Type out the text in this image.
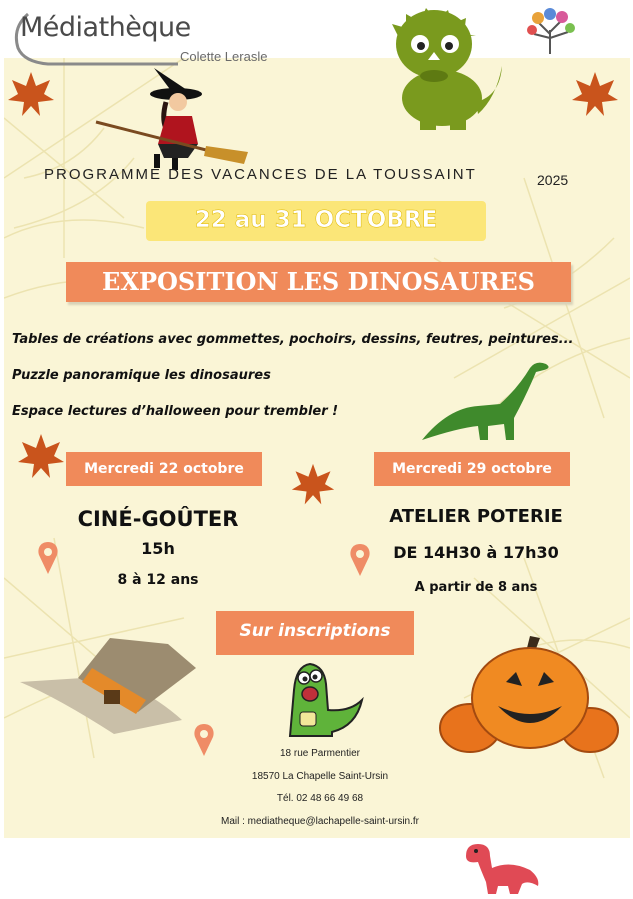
Médiathèque
Colette Lerasle
PROGRAMME DES VACANCES DE LA TOUSSAINT	2025
22 au 31 OCTOBRE
EXPOSITION LES DINOSAURES
Tables de créations avec gommettes, pochoirs, dessins, feutres, peintures...
Puzzle panoramique les dinosaures
Espace lectures d’halloween pour trembler !
Mercredi 22 octobre	Mercredi 29 octobre
CINÉ-GOÛTER
15h
8 à 12 ans
ATELIER POTERIE
DE 14H30 à 17h30
A partir de 8 ans
Sur inscriptions
18 rue Parmentier
18570 La Chapelle Saint-Ursin
Tél. 02 48 66 49 68
Mail : mediatheque@lachapelle-saint-ursin.fr
